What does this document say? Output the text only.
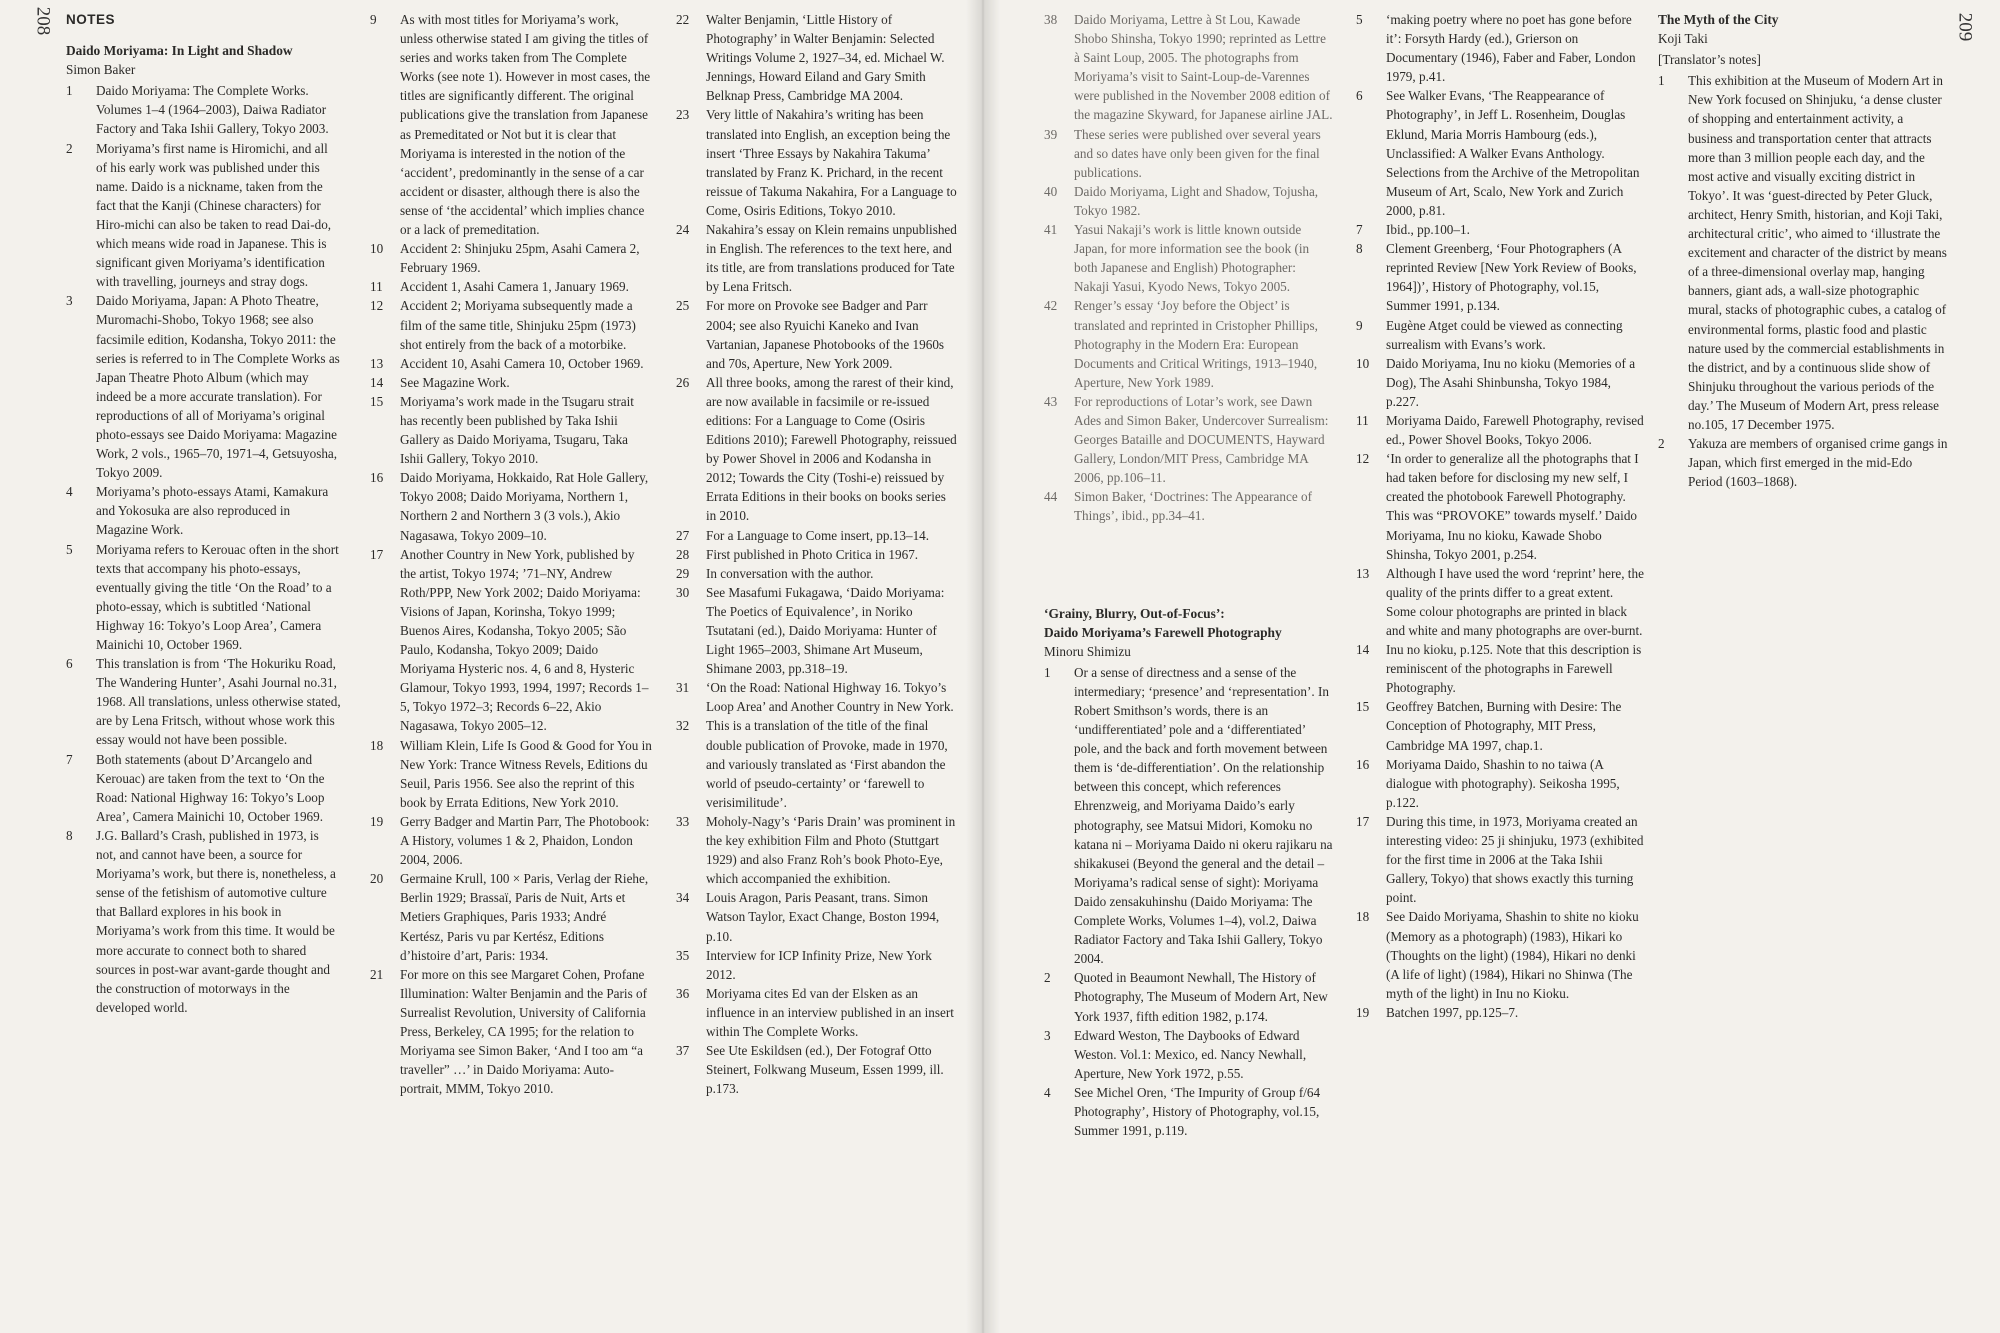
208	209
NOTES
Daido Moriyama: In Light and Shadow
Simon Baker
1	Daido Moriyama: The Complete Works. Volumes 1–4 (1964–2003), Daiwa Radiator Factory and Taka Ishii Gallery, Tokyo 2003.
2	Moriyama’s first name is Hiromichi, and all of his early work was published under this name. Daido is a nickname, taken from the fact that the Kanji (Chinese characters) for Hiro-michi can also be taken to read Dai-do, which means wide road in Japanese. This is significant given Moriyama’s identification with travelling, journeys and stray dogs.
3	Daido Moriyama, Japan: A Photo Theatre, Muromachi-Shobo, Tokyo 1968; see also facsimile edition, Kodansha, Tokyo 2011: the series is referred to in The Complete Works as Japan Theatre Photo Album (which may indeed be a more accurate translation). For reproductions of all of Moriyama’s original photo-essays see Daido Moriyama: Magazine Work, 2 vols., 1965–70, 1971–4, Getsuyosha, Tokyo 2009.
4	Moriyama’s photo-essays Atami, Kamakura and Yokosuka are also reproduced in Magazine Work.
5	Moriyama refers to Kerouac often in the short texts that accompany his photo-essays, eventually giving the title ‘On the Road’ to a photo-essay, which is subtitled ‘National Highway 16: Tokyo’s Loop Area’, Camera Mainichi 10, October 1969.
6	This translation is from ‘The Hokuriku Road, The Wandering Hunter’, Asahi Journal no.31, 1968. All translations, unless otherwise stated, are by Lena Fritsch, without whose work this essay would not have been possible.
7	Both statements (about D’Arcangelo and Kerouac) are taken from the text to ‘On the Road: National Highway 16: Tokyo’s Loop Area’, Camera Mainichi 10, October 1969.
8	J.G. Ballard’s Crash, published in 1973, is not, and cannot have been, a source for Moriyama’s work, but there is, nonetheless, a sense of the fetishism of automotive culture that Ballard explores in his book in Moriyama’s work from this time. It would be more accurate to connect both to shared sources in post-war avant-garde thought and the construction of motorways in the developed world.
9	As with most titles for Moriyama’s work, unless otherwise stated I am giving the titles of series and works taken from The Complete Works (see note 1). However in most cases, the titles are significantly different. The original publications give the translation from Japanese as Premeditated or Not but it is clear that Moriyama is interested in the notion of the ‘accident’, predominantly in the sense of a car accident or disaster, although there is also the sense of ‘the accidental’ which implies chance or a lack of premeditation.
10	Accident 2: Shinjuku 25pm, Asahi Camera 2, February 1969.
11	Accident 1, Asahi Camera 1, January 1969.
12	Accident 2; Moriyama subsequently made a film of the same title, Shinjuku 25pm (1973) shot entirely from the back of a motorbike.
13	Accident 10, Asahi Camera 10, October 1969.
14	See Magazine Work.
15	Moriyama’s work made in the Tsugaru strait has recently been published by Taka Ishii Gallery as Daido Moriyama, Tsugaru, Taka Ishii Gallery, Tokyo 2010.
16	Daido Moriyama, Hokkaido, Rat Hole Gallery, Tokyo 2008; Daido Moriyama, Northern 1, Northern 2 and Northern 3 (3 vols.), Akio Nagasawa, Tokyo 2009–10.
17	Another Country in New York, published by the artist, Tokyo 1974; ’71–NY, Andrew Roth/PPP, New York 2002; Daido Moriyama: Visions of Japan, Korinsha, Tokyo 1999; Buenos Aires, Kodansha, Tokyo 2005; São Paulo, Kodansha, Tokyo 2009; Daido Moriyama Hysteric nos. 4, 6 and 8, Hysteric Glamour, Tokyo 1993, 1994, 1997; Records 1–5, Tokyo 1972–3; Records 6–22, Akio Nagasawa, Tokyo 2005–12.
18	William Klein, Life Is Good & Good for You in New York: Trance Witness Revels, Editions du Seuil, Paris 1956. See also the reprint of this book by Errata Editions, New York 2010.
19	Gerry Badger and Martin Parr, The Photobook: A History, volumes 1 & 2, Phaidon, London 2004, 2006.
20	Germaine Krull, 100 × Paris, Verlag der Riehe, Berlin 1929; Brassaï, Paris de Nuit, Arts et Metiers Graphiques, Paris 1933; André Kertész, Paris vu par Kertész, Editions d’histoire d’art, Paris: 1934.
21	For more on this see Margaret Cohen, Profane Illumination: Walter Benjamin and the Paris of Surrealist Revolution, University of California Press, Berkeley, CA 1995; for the relation to Moriyama see Simon Baker, ‘And I too am “a traveller” …’ in Daido Moriyama: Auto-portrait, MMM, Tokyo 2010.
22	Walter Benjamin, ‘Little History of Photography’ in Walter Benjamin: Selected Writings Volume 2, 1927–34, ed. Michael W. Jennings, Howard Eiland and Gary Smith Belknap Press, Cambridge MA 2004.
23	Very little of Nakahira’s writing has been translated into English, an exception being the insert ‘Three Essays by Nakahira Takuma’ translated by Franz K. Prichard, in the recent reissue of Takuma Nakahira, For a Language to Come, Osiris Editions, Tokyo 2010.
24	Nakahira’s essay on Klein remains unpublished in English. The references to the text here, and its title, are from translations produced for Tate by Lena Fritsch.
25	For more on Provoke see Badger and Parr 2004; see also Ryuichi Kaneko and Ivan Vartanian, Japanese Photobooks of the 1960s and 70s, Aperture, New York 2009.
26	All three books, among the rarest of their kind, are now available in facsimile or re-issued editions: For a Language to Come (Osiris Editions 2010); Farewell Photography, reissued by Power Shovel in 2006 and Kodansha in 2012; Towards the City (Toshi-e) reissued by Errata Editions in their books on books series in 2010.
27	For a Language to Come insert, pp.13–14.
28	First published in Photo Critica in 1967.
29	In conversation with the author.
30	See Masafumi Fukagawa, ‘Daido Moriyama: The Poetics of Equivalence’, in Noriko Tsutatani (ed.), Daido Moriyama: Hunter of Light 1965–2003, Shimane Art Museum, Shimane 2003, pp.318–19.
31	‘On the Road: National Highway 16. Tokyo’s Loop Area’ and Another Country in New York.
32	This is a translation of the title of the final double publication of Provoke, made in 1970, and variously translated as ‘First abandon the world of pseudo-certainty’ or ‘farewell to verisimilitude’.
33	Moholy-Nagy’s ‘Paris Drain’ was prominent in the key exhibition Film and Photo (Stuttgart 1929) and also Franz Roh’s book Photo-Eye, which accompanied the exhibition.
34	Louis Aragon, Paris Peasant, trans. Simon Watson Taylor, Exact Change, Boston 1994, p.10.
35	Interview for ICP Infinity Prize, New York 2012.
36	Moriyama cites Ed van der Elsken as an influence in an interview published in an insert within The Complete Works.
37	See Ute Eskildsen (ed.), Der Fotograf Otto Steinert, Folkwang Museum, Essen 1999, ill. p.173.
38	Daido Moriyama, Lettre à St Lou, Kawade Shobo Shinsha, Tokyo 1990; reprinted as Lettre à Saint Loup, 2005. The photographs from Moriyama’s visit to Saint-Loup-de-Varennes were published in the November 2008 edition of the magazine Skyward, for Japanese airline JAL.
39	These series were published over several years and so dates have only been given for the final publications.
40	Daido Moriyama, Light and Shadow, Tojusha, Tokyo 1982.
41	Yasui Nakaji’s work is little known outside Japan, for more information see the book (in both Japanese and English) Photographer: Nakaji Yasui, Kyodo News, Tokyo 2005.
42	Renger’s essay ‘Joy before the Object’ is translated and reprinted in Cristopher Phillips, Photography in the Modern Era: European Documents and Critical Writings, 1913–1940, Aperture, New York 1989.
43	For reproductions of Lotar’s work, see Dawn Ades and Simon Baker, Undercover Surrealism: Georges Bataille and DOCUMENTS, Hayward Gallery, London/MIT Press, Cambridge MA 2006, pp.106–11.
44	Simon Baker, ‘Doctrines: The Appearance of Things’, ibid., pp.34–41.
‘Grainy, Blurry, Out-of-Focus’:
Daido Moriyama’s Farewell Photography
Minoru Shimizu
1	Or a sense of directness and a sense of the intermediary; ‘presence’ and ‘representation’. In Robert Smithson’s words, there is an ‘undifferentiated’ pole and a ‘differentiated’ pole, and the back and forth movement between them is ‘de-differentiation’. On the relationship between this concept, which references Ehrenzweig, and Moriyama Daido’s early photography, see Matsui Midori, Komoku no katana ni – Moriyama Daido ni okeru rajikaru na shikakusei (Beyond the general and the detail – Moriyama’s radical sense of sight): Moriyama Daido zensakuhinshu (Daido Moriyama: The Complete Works, Volumes 1–4), vol.2, Daiwa Radiator Factory and Taka Ishii Gallery, Tokyo 2004.
2	Quoted in Beaumont Newhall, The History of Photography, The Museum of Modern Art, New York 1937, fifth edition 1982, p.174.
3	Edward Weston, The Daybooks of Edward Weston. Vol.1: Mexico, ed. Nancy Newhall, Aperture, New York 1972, p.55.
4	See Michel Oren, ‘The Impurity of Group f/64 Photography’, History of Photography, vol.15, Summer 1991, p.119.
5	‘making poetry where no poet has gone before it’: Forsyth Hardy (ed.), Grierson on Documentary (1946), Faber and Faber, London 1979, p.41.
6	See Walker Evans, ‘The Reappearance of Photography’, in Jeff L. Rosenheim, Douglas Eklund, Maria Morris Hambourg (eds.), Unclassified: A Walker Evans Anthology. Selections from the Archive of the Metropolitan Museum of Art, Scalo, New York and Zurich 2000, p.81.
7	Ibid., pp.100–1.
8	Clement Greenberg, ‘Four Photographers (A reprinted Review [New York Review of Books, 1964])’, History of Photography, vol.15, Summer 1991, p.134.
9	Eugène Atget could be viewed as connecting surrealism with Evans’s work.
10	Daido Moriyama, Inu no kioku (Memories of a Dog), The Asahi Shinbunsha, Tokyo 1984, p.227.
11	Moriyama Daido, Farewell Photography, revised ed., Power Shovel Books, Tokyo 2006.
12	‘In order to generalize all the photographs that I had taken before for disclosing my new self, I created the photobook Farewell Photography. This was “PROVOKE” towards myself.’ Daido Moriyama, Inu no kioku, Kawade Shobo Shinsha, Tokyo 2001, p.254.
13	Although I have used the word ‘reprint’ here, the quality of the prints differ to a great extent. Some colour photographs are printed in black and white and many photographs are over-burnt.
14	Inu no kioku, p.125. Note that this description is reminiscent of the photographs in Farewell Photography.
15	Geoffrey Batchen, Burning with Desire: The Conception of Photography, MIT Press, Cambridge MA 1997, chap.1.
16	Moriyama Daido, Shashin to no taiwa (A dialogue with photography). Seikosha 1995, p.122.
17	During this time, in 1973, Moriyama created an interesting video: 25 ji shinjuku, 1973 (exhibited for the first time in 2006 at the Taka Ishii Gallery, Tokyo) that shows exactly this turning point.
18	See Daido Moriyama, Shashin to shite no kioku (Memory as a photograph) (1983), Hikari ko (Thoughts on the light) (1984), Hikari no denki (A life of light) (1984), Hikari no Shinwa (The myth of the light) in Inu no Kioku.
19	Batchen 1997, pp.125–7.
The Myth of the City
Koji Taki
[Translator’s notes]
1	This exhibition at the Museum of Modern Art in New York focused on Shinjuku, ‘a dense cluster of shopping and entertainment activity, a business and transportation center that attracts more than 3 million people each day, and the most active and visually exciting district in Tokyo’. It was ‘guest-directed by Peter Gluck, architect, Henry Smith, historian, and Koji Taki, architectural critic’, who aimed to ‘illustrate the excitement and character of the district by means of a three-dimensional overlay map, hanging banners, giant ads, a wall-size photographic mural, stacks of photographic cubes, a catalog of environmental forms, plastic food and plastic nature used by the commercial establishments in the district, and by a continuous slide show of Shinjuku throughout the various periods of the day.’ The Museum of Modern Art, press release no.105, 17 December 1975.
2	Yakuza are members of organised crime gangs in Japan, which first emerged in the mid-Edo Period (1603–1868).
